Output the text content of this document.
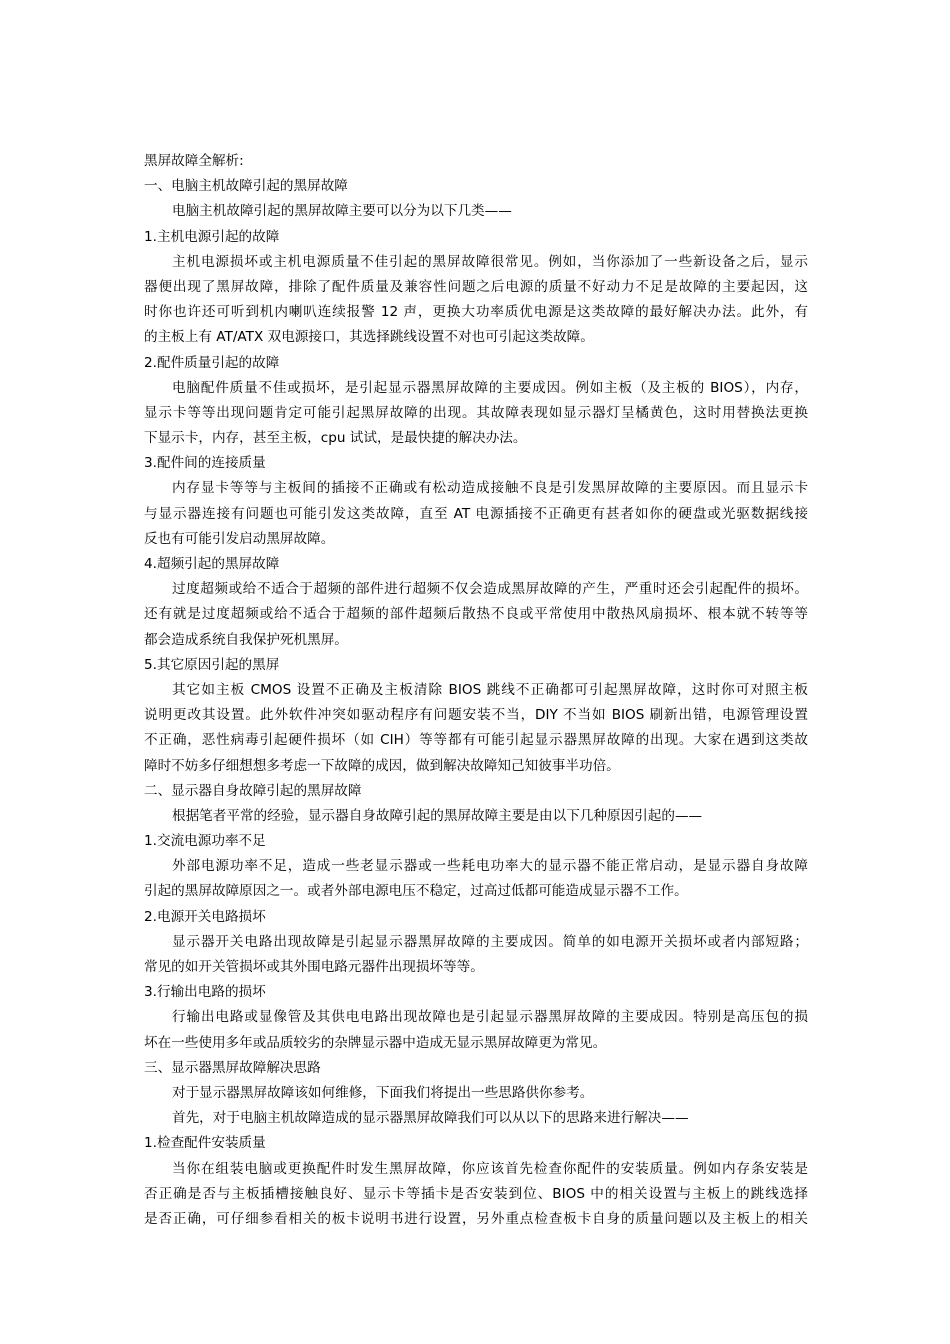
黑屏故障全解析:
一、电脑主机故障引起的黑屏故障
电脑主机故障引起的黑屏故障主要可以分为以下几类——
1.主机电源引起的故障
主机电源损坏或主机电源质量不佳引起的黑屏故障很常见。例如，当你添加了一些新设备之后，显示
器便出现了黑屏故障，排除了配件质量及兼容性问题之后电源的质量不好动力不足是故障的主要起因，这
时你也许还可听到机内喇叭连续报警 12 声，更换大功率质优电源是这类故障的最好解决办法。此外，有
的主板上有 AT/ATX 双电源接口，其选择跳线设置不对也可引起这类故障。
2.配件质量引起的故障
电脑配件质量不佳或损坏，是引起显示器黑屏故障的主要成因。例如主板（及主板的 BIOS），内存，
显示卡等等出现问题肯定可能引起黑屏故障的出现。其故障表现如显示器灯呈橘黄色，这时用替换法更换
下显示卡，内存，甚至主板，cpu 试试，是最快捷的解决办法。
3.配件间的连接质量
内存显卡等等与主板间的插接不正确或有松动造成接触不良是引发黑屏故障的主要原因。而且显示卡
与显示器连接有问题也可能引发这类故障，直至 AT 电源插接不正确更有甚者如你的硬盘或光驱数据线接
反也有可能引发启动黑屏故障。
4.超频引起的黑屏故障
过度超频或给不适合于超频的部件进行超频不仅会造成黑屏故障的产生，严重时还会引起配件的损坏。
还有就是过度超频或给不适合于超频的部件超频后散热不良或平常使用中散热风扇损坏、根本就不转等等
都会造成系统自我保护死机黑屏。
5.其它原因引起的黑屏
其它如主板 CMOS 设置不正确及主板清除 BIOS 跳线不正确都可引起黑屏故障，这时你可对照主板
说明更改其设置。此外软件冲突如驱动程序有问题安装不当，DIY 不当如 BIOS 刷新出错，电源管理设置
不正确，恶性病毒引起硬件损坏（如 CIH）等等都有可能引起显示器黑屏故障的出现。大家在遇到这类故
障时不妨多仔细想想多考虑一下故障的成因，做到解决故障知己知彼事半功倍。
二、显示器自身故障引起的黑屏故障
根据笔者平常的经验，显示器自身故障引起的黑屏故障主要是由以下几种原因引起的——
1.交流电源功率不足
外部电源功率不足，造成一些老显示器或一些耗电功率大的显示器不能正常启动，是显示器自身故障
引起的黑屏故障原因之一。或者外部电源电压不稳定，过高过低都可能造成显示器不工作。
2.电源开关电路损坏
显示器开关电路出现故障是引起显示器黑屏故障的主要成因。简单的如电源开关损坏或者内部短路；
常见的如开关管损坏或其外围电路元器件出现损坏等等。
3.行输出电路的损坏
行输出电路或显像管及其供电电路出现故障也是引起显示器黑屏故障的主要成因。特别是高压包的损
坏在一些使用多年或品质较劣的杂牌显示器中造成无显示黑屏故障更为常见。
三、显示器黑屏故障解决思路
对于显示器黑屏故障该如何维修，下面我们将提出一些思路供你参考。
首先，对于电脑主机故障造成的显示器黑屏故障我们可以从以下的思路来进行解决——
1.检查配件安装质量
当你在组装电脑或更换配件时发生黑屏故障，你应该首先检查你配件的安装质量。例如内存条安装是
否正确是否与主板插槽接触良好、显示卡等插卡是否安装到位、BIOS 中的相关设置与主板上的跳线选择
是否正确，可仔细参看相关的板卡说明书进行设置，另外重点检查板卡自身的质量问题以及主板上的相关
